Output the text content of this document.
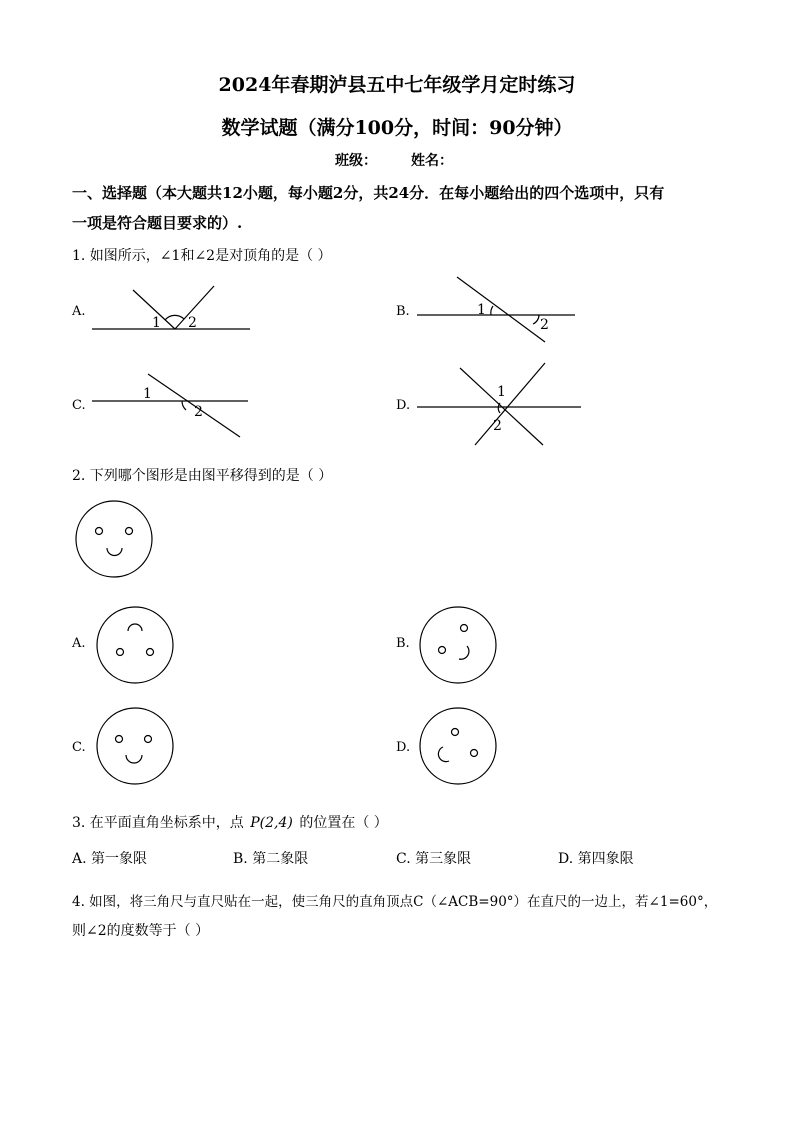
2024年春期泸县五中七年级学月定时练习
数学试题（满分100分，时间：90分钟）
班级： 姓名：
一、选择题（本大题共12小题，每小题2分，共24分．在每小题给出的四个选项中，只有
一项是符合题目要求的）.
1. 如图所示，∠1和∠2是对顶角的是（ ）
A.
1 2
B.	1
2
C.
1
2	D.
1
2
2. 下列哪个图形是由图平移得到的是（ ）
A.	B.
C.	D.
3. 在平面直角坐标系中，点 P(2,4) 的位置在（ ）
A. 第一象限	B. 第二象限	C. 第三象限	D. 第四象限
4. 如图，将三角尺与直尺贴在一起，使三角尺的直角顶点C（∠ACB=90°）在直尺的一边上，若∠1=60°，
则∠2的度数等于（ ）
